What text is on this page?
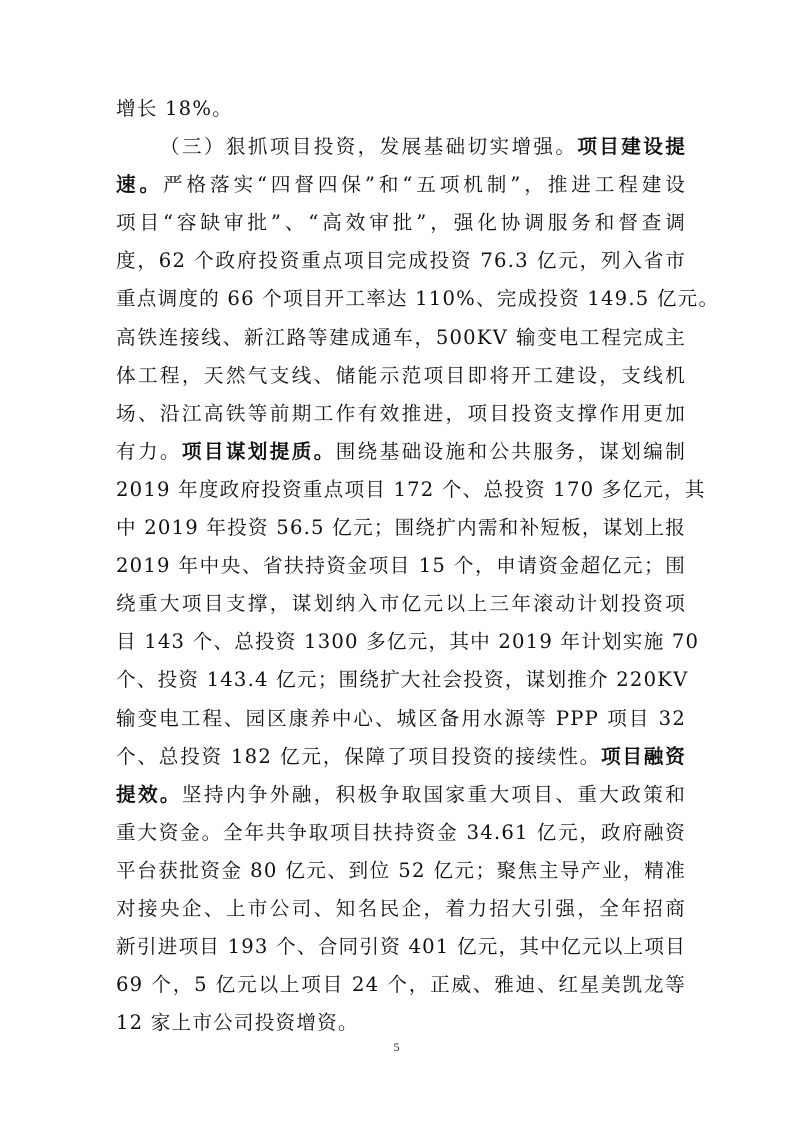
增长 18%。
（三）狠抓项目投资，发展基础切实增强。项目建设提
速。严格落实“四督四保”和“五项机制”，推进工程建设
项目“容缺审批”、“高效审批”，强化协调服务和督查调
度，62 个政府投资重点项目完成投资 76.3 亿元，列入省市
重点调度的 66 个项目开工率达 110%、完成投资 149.5 亿元。
高铁连接线、新江路等建成通车，500KV 输变电工程完成主
体工程，天然气支线、储能示范项目即将开工建设，支线机
场、沿江高铁等前期工作有效推进，项目投资支撑作用更加
有力。项目谋划提质。围绕基础设施和公共服务，谋划编制
2019 年度政府投资重点项目 172 个、总投资 170 多亿元，其
中 2019 年投资 56.5 亿元；围绕扩内需和补短板，谋划上报
2019 年中央、省扶持资金项目 15 个，申请资金超亿元；围
绕重大项目支撑，谋划纳入市亿元以上三年滚动计划投资项
目 143 个、总投资 1300 多亿元，其中 2019 年计划实施 70
个、投资 143.4 亿元；围绕扩大社会投资，谋划推介 220KV
输变电工程、园区康养中心、城区备用水源等 PPP 项目 32
个、总投资 182 亿元，保障了项目投资的接续性。项目融资
提效。坚持内争外融，积极争取国家重大项目、重大政策和
重大资金。全年共争取项目扶持资金 34.61 亿元，政府融资
平台获批资金 80 亿元、到位 52 亿元；聚焦主导产业，精准
对接央企、上市公司、知名民企，着力招大引强，全年招商
新引进项目 193 个、合同引资 401 亿元，其中亿元以上项目
69 个，5 亿元以上项目 24 个，正威、雅迪、红星美凯龙等
12 家上市公司投资增资。
5
